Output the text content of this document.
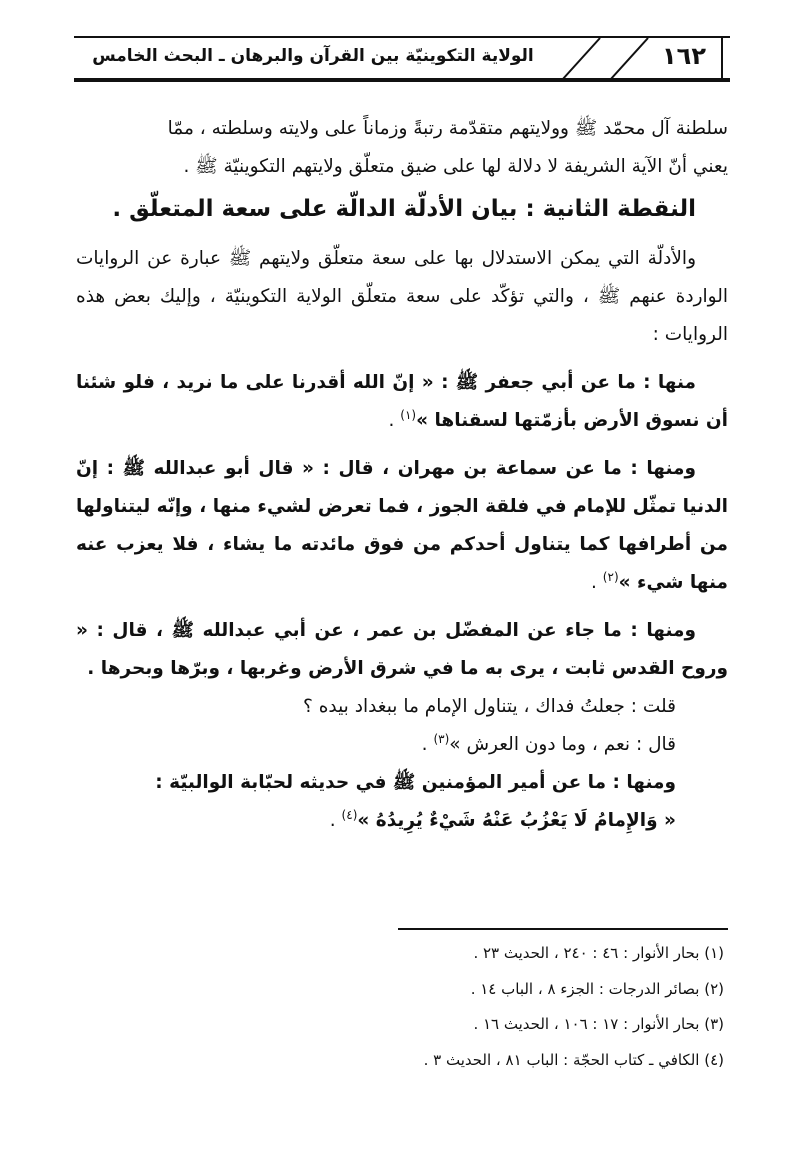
١٦٢
الولاية التكوينيّة بين القرآن والبرهان ـ البحث الخامس

سلطنة آل محمّد ﷺ وولايتهم متقدّمة رتبةً وزماناً على ولايته وسلطته ، ممّا
يعني أنّ الآية الشريفة لا دلالة لها على ضيق متعلّق ولايتهم التكوينيّة ﷺ .

النقطة الثانية : بيان الأدلّة الدالّة على سعة المتعلّق .

والأدلّة التي يمكن الاستدلال بها على سعة متعلّق ولايتهم ﷺ عبارة عن الروايات الواردة عنهم ﷺ ، والتي تؤكّد على سعة متعلّق الولاية التكوينيّة ، وإليك بعض هذه الروايات :

منها : ما عن أبي جعفر ﷺ : « إنّ الله أقدرنا على ما نريد ، فلو شئنا أن نسوق الأرض بأزمّتها لسقناها »$^{(١)}$ .

ومنها : ما عن سماعة بن مهران ، قال : « قال أبو عبدالله ﷺ : إنّ الدنيا تمثّل للإمام في فلقة الجوز ، فما تعرض لشيء منها ، وإنّه ليتناولها من أطرافها كما يتناول أحدكم من فوق مائدته ما يشاء ، فلا يعزب عنه منها شيء »$^{(٢)}$ .

ومنها : ما جاء عن المفضّل بن عمر ، عن أبي عبدالله ﷺ ، قال : « وروح القدس ثابت ، يرى به ما في شرق الأرض وغربها ، وبرّها وبحرها .

قلت : جعلتُ فداك ، يتناول الإمام ما ببغداد بيده ؟

قال : نعم ، وما دون العرش »$^{(٣)}$ .

ومنها : ما عن أمير المؤمنين ﷺ في حديثه لحبّابة الوالبيّة :

« وَالإِمامُ لَا يَعْزُبُ عَنْهُ شَيْءٌ يُرِيدُهُ »$^{(٤)}$ .

(١) بحار الأنوار : ٤٦ : ٢٤٠ ، الحديث ٢٣ .
(٢) بصائر الدرجات : الجزء ٨ ، الباب ١٤ .
(٣) بحار الأنوار : ١٧ : ١٠٦ ، الحديث ١٦ .
(٤) الكافي ـ كتاب الحجّة : الباب ٨١ ، الحديث ٣ .
